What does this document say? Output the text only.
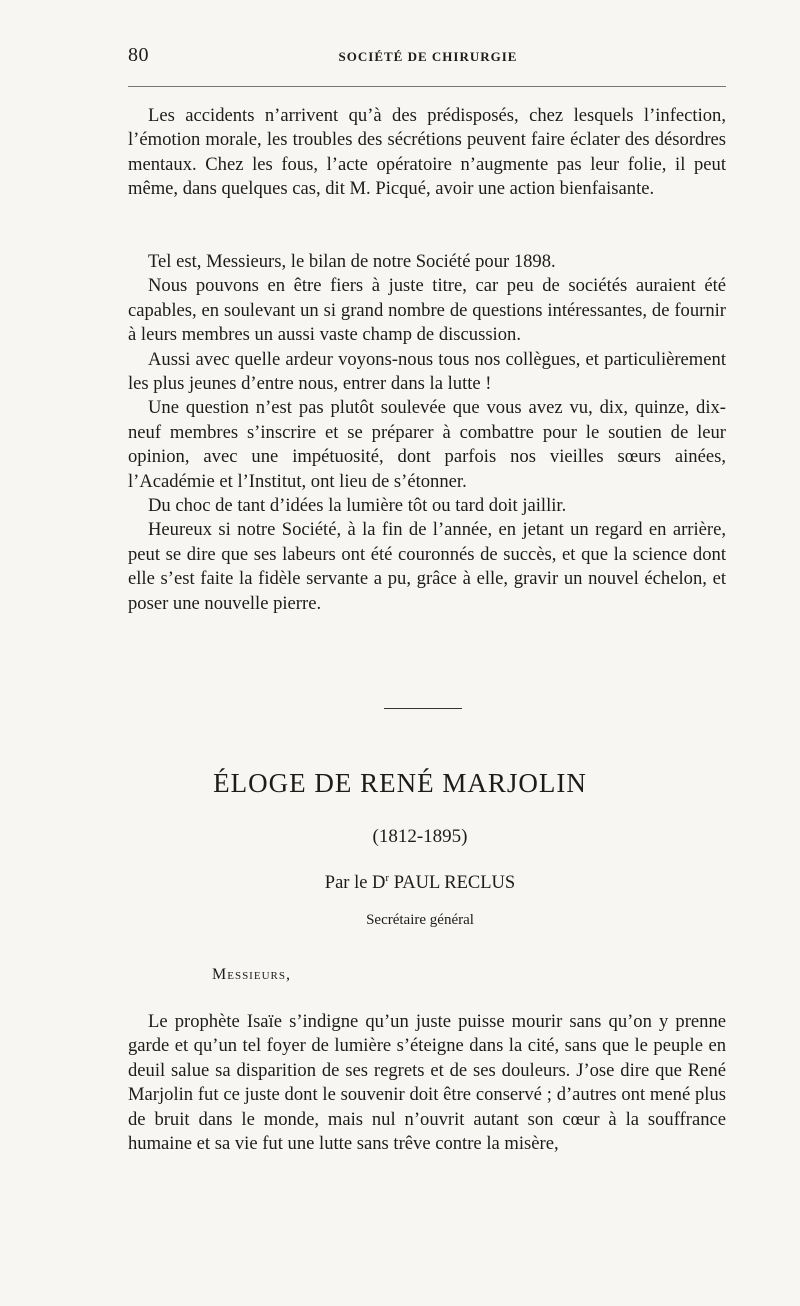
80	SOCIÉTÉ DE CHIRURGIE

Les accidents n’arrivent qu’à des prédisposés, chez lesquels l’infection, l’émotion morale, les troubles des sécrétions peuvent faire éclater des désordres mentaux. Chez les fous, l’acte opératoire n’augmente pas leur folie, il peut même, dans quelques cas, dit M. Picqué, avoir une action bienfaisante.

Tel est, Messieurs, le bilan de notre Société pour 1898.

Nous pouvons en être fiers à juste titre, car peu de sociétés auraient été capables, en soulevant un si grand nombre de questions intéressantes, de fournir à leurs membres un aussi vaste champ de discussion.

Aussi avec quelle ardeur voyons-nous tous nos collègues, et particulièrement les plus jeunes d’entre nous, entrer dans la lutte !

Une question n’est pas plutôt soulevée que vous avez vu, dix, quinze, dix-neuf membres s’inscrire et se préparer à combattre pour le soutien de leur opinion, avec une impétuosité, dont parfois nos vieilles sœurs ainées, l’Académie et l’Institut, ont lieu de s’étonner.

Du choc de tant d’idées la lumière tôt ou tard doit jaillir.

Heureux si notre Société, à la fin de l’année, en jetant un regard en arrière, peut se dire que ses labeurs ont été couronnés de succès, et que la science dont elle s’est faite la fidèle servante a pu, grâce à elle, gravir un nouvel échelon, et poser une nouvelle pierre.

ÉLOGE DE RENÉ MARJOLIN
(1812-1895)
Par le $D^r$ PAUL RECLUS
Secrétaire général
Messieurs,

Le prophète Isaïe s’indigne qu’un juste puisse mourir sans qu’on y prenne garde et qu’un tel foyer de lumière s’éteigne dans la cité, sans que le peuple en deuil salue sa disparition de ses regrets et de ses douleurs. J’ose dire que René Marjolin fut ce juste dont le souvenir doit être conservé ; d’autres ont mené plus de bruit dans le monde, mais nul n’ouvrit autant son cœur à la souffrance humaine et sa vie fut une lutte sans trêve contre la misère,
